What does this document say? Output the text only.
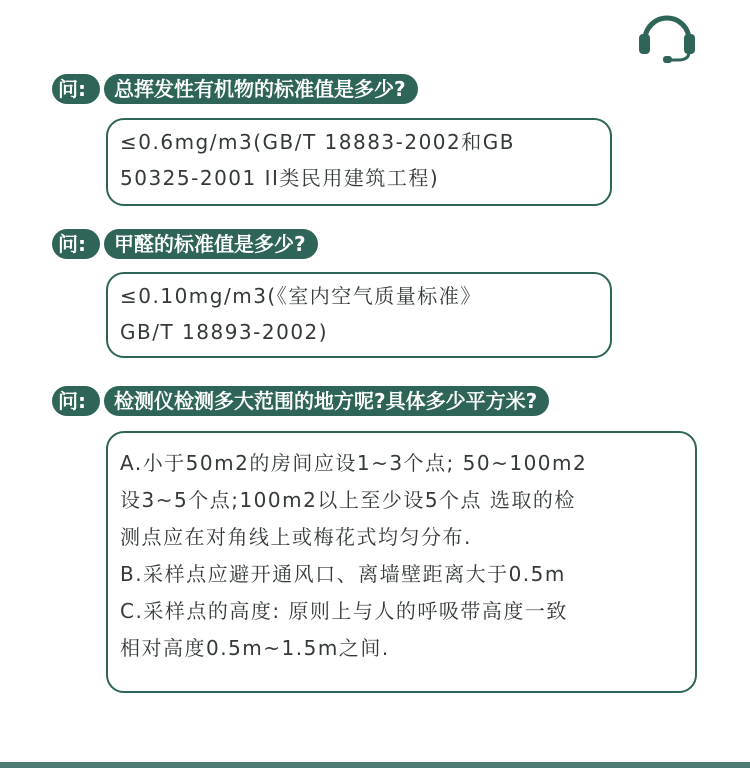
问:	总挥发性有机物的标准值是多少?
≤0.6mg/m3(GB/T 18883-2002和GB
50325-2001 II类民用建筑工程)
问:	甲醛的标准值是多少?
≤0.10mg/m3(《室内空气质量标准》
GB/T 18893-2002)
问:	检测仪检测多大范围的地方呢?具体多少平方米?
A.小于50m2的房间应设1~3个点; 50~100m2
设3~5个点;100m2以上至少设5个点 选取的检
测点应在对角线上或梅花式均匀分布.
B.采样点应避开通风口、离墙壁距离大于0.5m
C.采样点的高度: 原则上与人的呼吸带高度一致
相对高度0.5m~1.5m之间.
